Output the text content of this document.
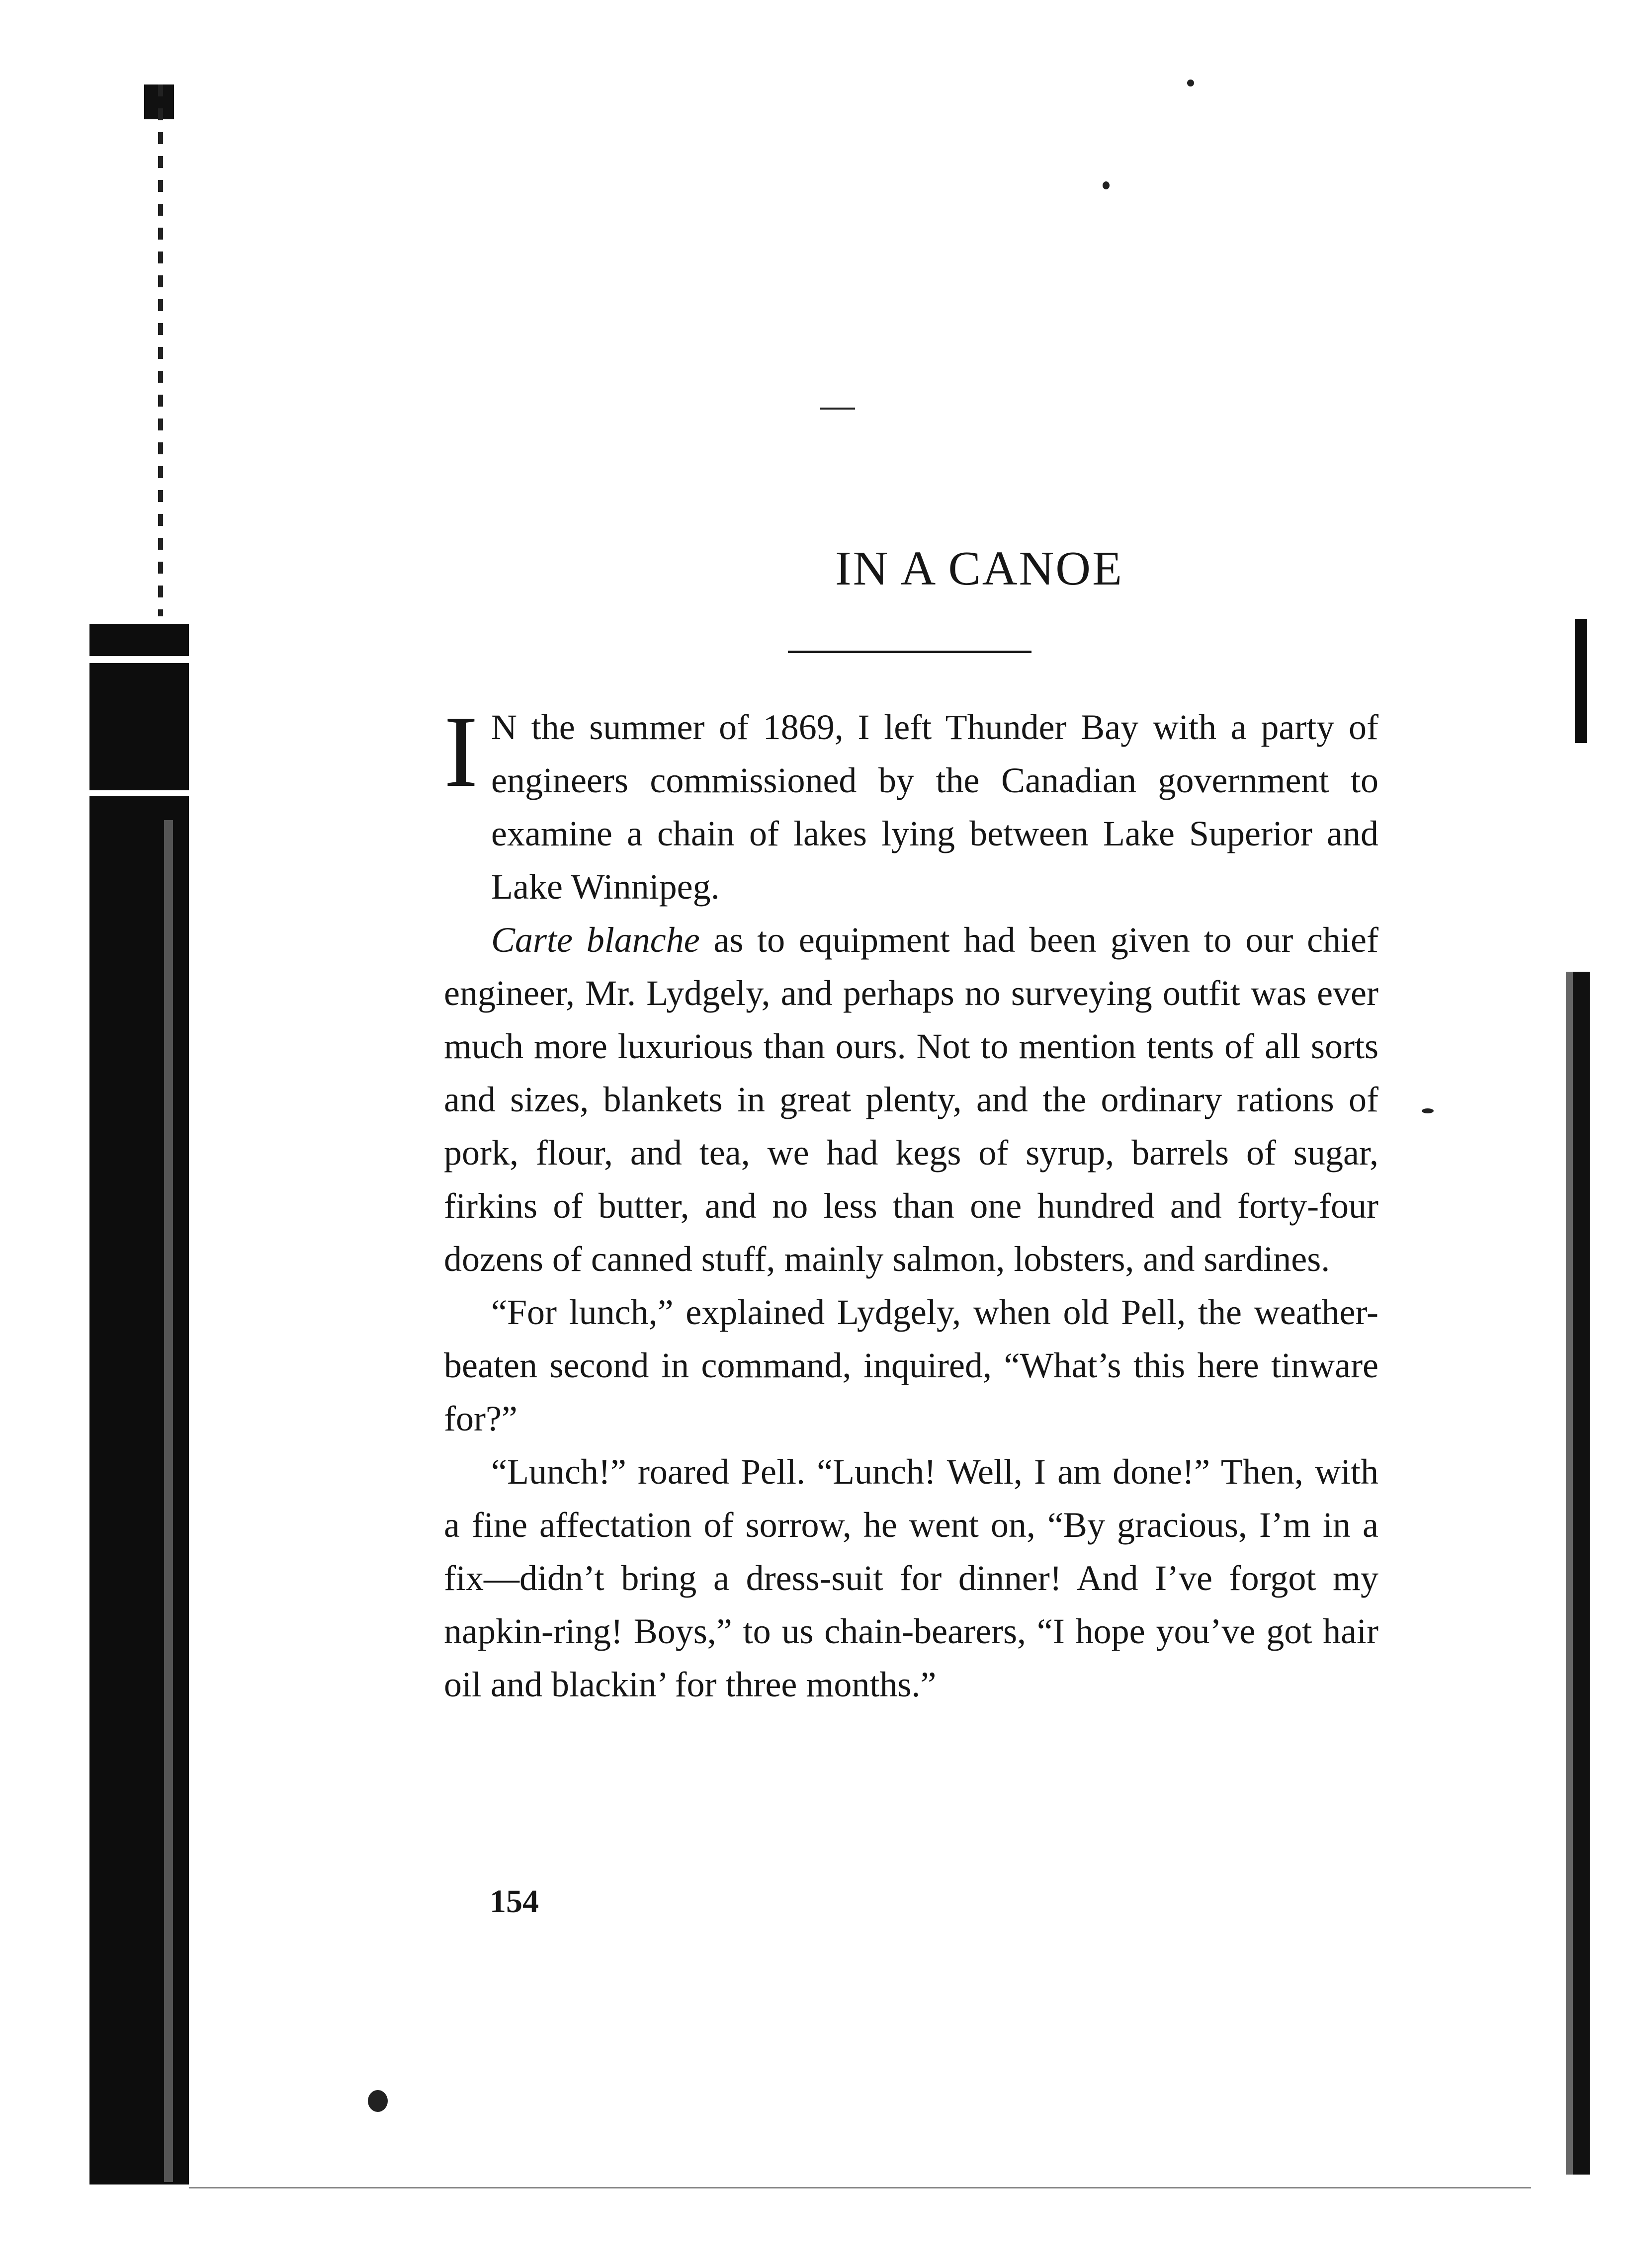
IN A CANOE

I N the summer of 1869, I left Thunder Bay with a party of engineers commissioned by the Canadian government to examine a chain of lakes lying between Lake Superior and Lake Winnipeg.

Carte blanche as to equipment had been given to our chief engineer, Mr. Lydgely, and perhaps no surveying outfit was ever much more luxurious than ours. Not to mention tents of all sorts and sizes, blankets in great plenty, and the ordinary rations of pork, flour, and tea, we had kegs of syrup, barrels of sugar, firkins of butter, and no less than one hundred and forty-four dozens of canned stuff, mainly salmon, lobsters, and sardines.

“For lunch,” explained Lydgely, when old Pell, the weather-beaten second in command, inquired, “What’s this here tinware for?”

“Lunch!” roared Pell. “Lunch! Well, I am done!” Then, with a fine affectation of sorrow, he went on, “By gracious, I’m in a fix—didn’t bring a dress-suit for dinner! And I’ve forgot my napkin-ring! Boys,” to us chain-bearers, “I hope you’ve got hair oil and blackin’ for three months.”

154
